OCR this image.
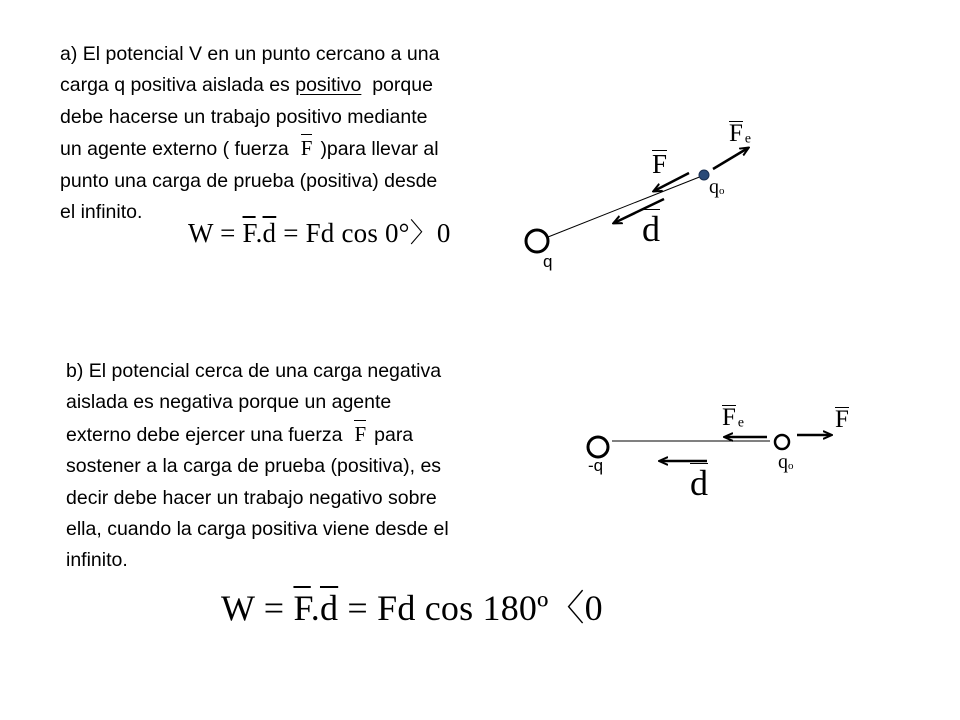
a) El potencial V en un punto cercano a una
carga q positiva aislada es positivo porque
debe hacerse un trabajo positivo mediante
un agente externo ( fuerza F )para llevar al
punto una carga de prueba (positiva) desde
el infinito.
$W = \overline{F}.\overline{d} = Fd$ cos 0°〉0
b) El potencial cerca de una carga negativa
aislada es negativa porque un agente
externo debe ejercer una fuerza F para
sostener a la carga de prueba (positiva), es
decir debe hacer un trabajo negativo sobre
ella, cuando la carga positiva viene desde el
infinito.
$W = \overline{F}.\overline{d} = Fd$ cos 180º〈0
Fe
F
qo
d
q
Fe	F
qo
d
-q
